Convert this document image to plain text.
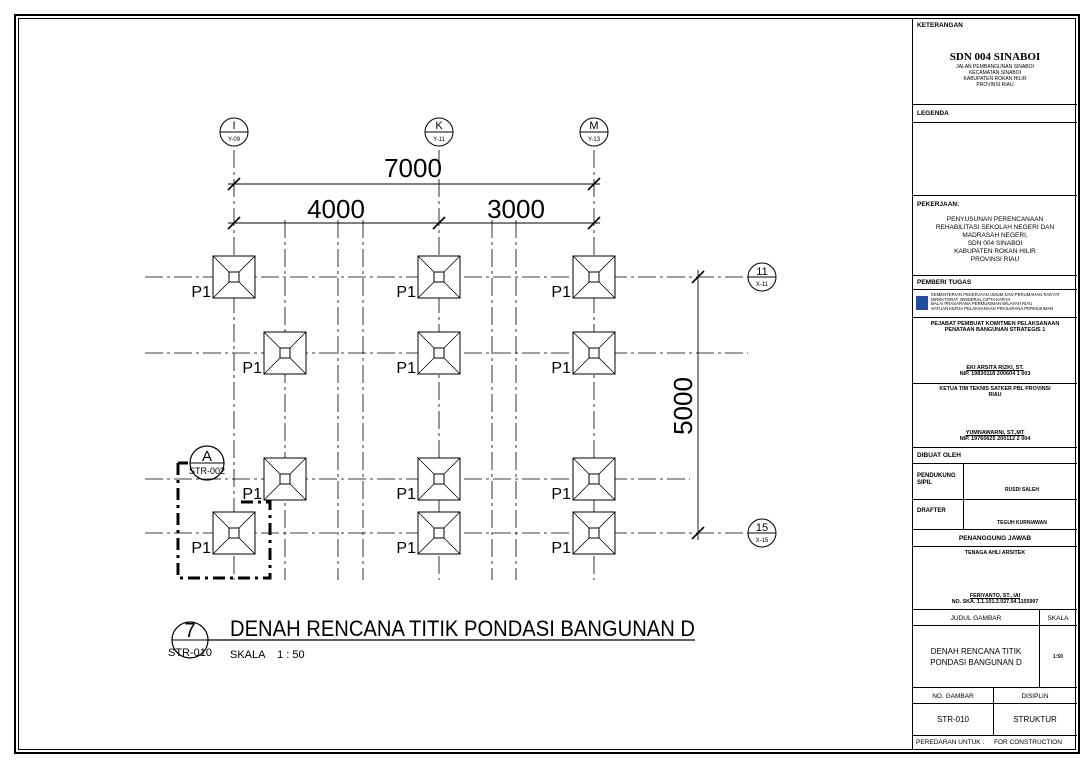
P1	P1	P1
P1	P1	P1
P1	P1	P1
P1	P1	P1
I
Y-09
K
Y-11
M
Y-13
11
X-11
15
X-15
7000
4000	3000
5000
A
STR-002
7
STR-010
DENAH RENCANA TITIK PONDASI BANGUNAN D
SKALA    1 : 50
KETERANGAN
SDN 004 SINABOI
JALAN PEMBANGUNAN SINABOI
KECAMATAN SINABOI
KABUPATEN ROKAN HILIR
PROVINSI RIAU
LEGENDA
PEKERJAAN:
PENYUSUNAN PERENCANAAN
REHABILITASI SEKOLAH NEGERI DAN
MADRASAH NEGERI,
SDN 004 SINABOI
KABUPATEN ROKAN HILIR
PROVINSI RIAU
PEMBERI TUGAS
KEMENTERIAN PEKERJAAN UMUM DAN PERUMAHAN RAKYAT
DIREKTORAT JENDERAL CIPTA KARYA
BALAI PRASARANA PERMUKIMAN WILAYAH RIAU
SATUAN KERJA PELAKSANAAN PRASARANA PERMUKIMAN
PEJABAT PEMBUAT KOMITMEN PELAKSANAAN
PENATAAN BANGUNAN STRATEGIS 1
EKI ARSITA RIZKI, ST.
NIP. 19830118 200604 1 003
KETUA TIM TEKNIS SATKER PBL PROVINSI
RIAU
YUMNAWARNI, ST.,MT
NIP. 19760625 200112 2 004
DIBUAT OLEH
PENDUKUNG
SIPIL
RUSDI SALEH
DRAFTER
TEGUH KURNIAWAN
PENANGGUNG JAWAB
TENAGA AHLI ARSITEK
FERIYANTO, ST., IAI
NO. SKA. 1.1.101.2.027.04.1155997
JUDUL GAMBAR	SKALA
DENAH RENCANA TITIK
PONDASI BANGUNAN D
1:50
NO. GAMBAR	DISIPLIN
STR-010	STRUKTUR
PEREDARAN UNTUK : FOR CONSTRUCTION
